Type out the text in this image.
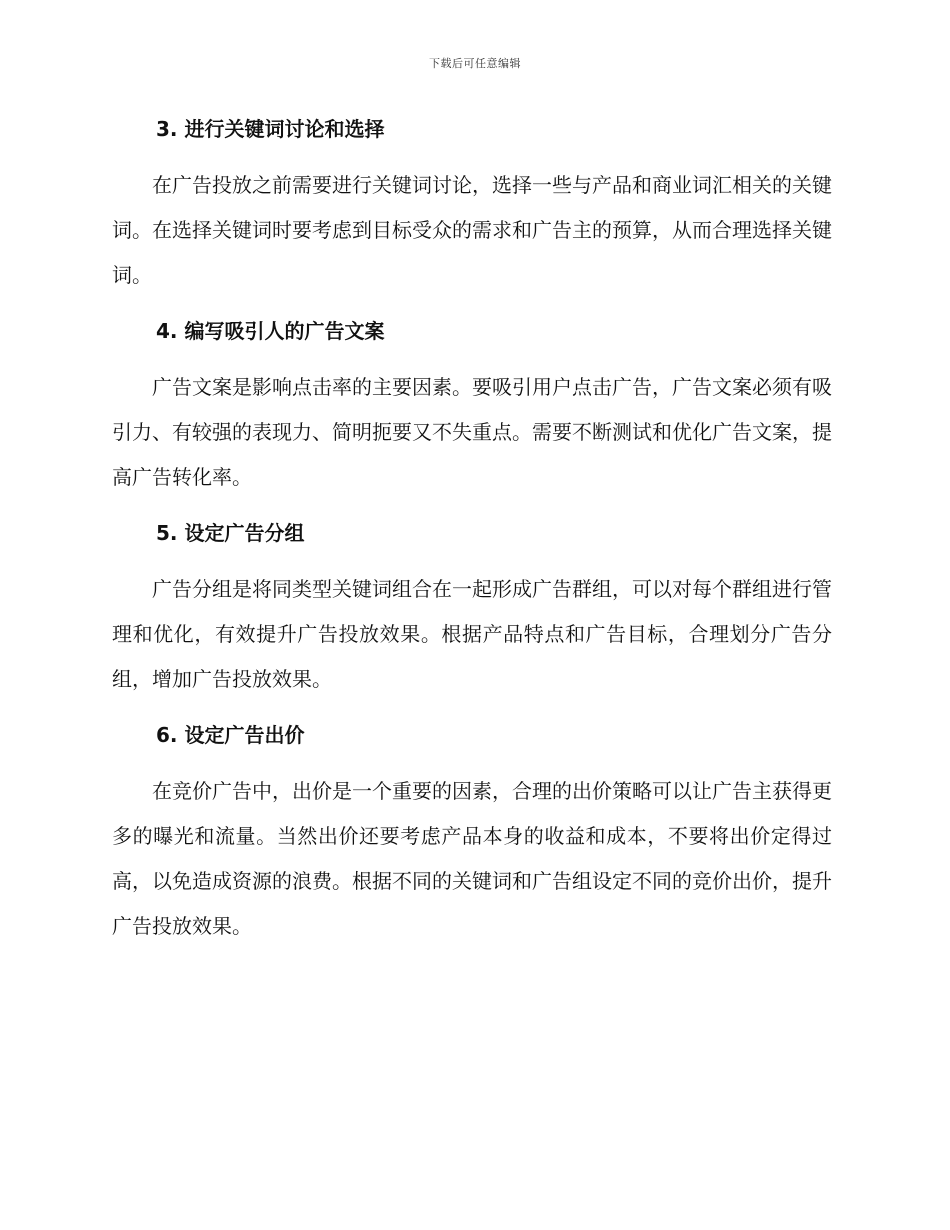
下载后可任意编辑
3. 进行关键词讨论和选择

在广告投放之前需要进行关键词讨论，选择一些与产品和商业词汇相关的关键词。在选择关键词时要考虑到目标受众的需求和广告主的预算，从而合理选择关键词。

4. 编写吸引人的广告文案

广告文案是影响点击率的主要因素。要吸引用户点击广告，广告文案必须有吸引力、有较强的表现力、简明扼要又不失重点。需要不断测试和优化广告文案，提高广告转化率。

5. 设定广告分组

广告分组是将同类型关键词组合在一起形成广告群组，可以对每个群组进行管理和优化，有效提升广告投放效果。根据产品特点和广告目标，合理划分广告分组，增加广告投放效果。

6. 设定广告出价

在竞价广告中，出价是一个重要的因素，合理的出价策略可以让广告主获得更多的曝光和流量。当然出价还要考虑产品本身的收益和成本，不要将出价定得过高，以免造成资源的浪费。根据不同的关键词和广告组设定不同的竞价出价，提升广告投放效果。
